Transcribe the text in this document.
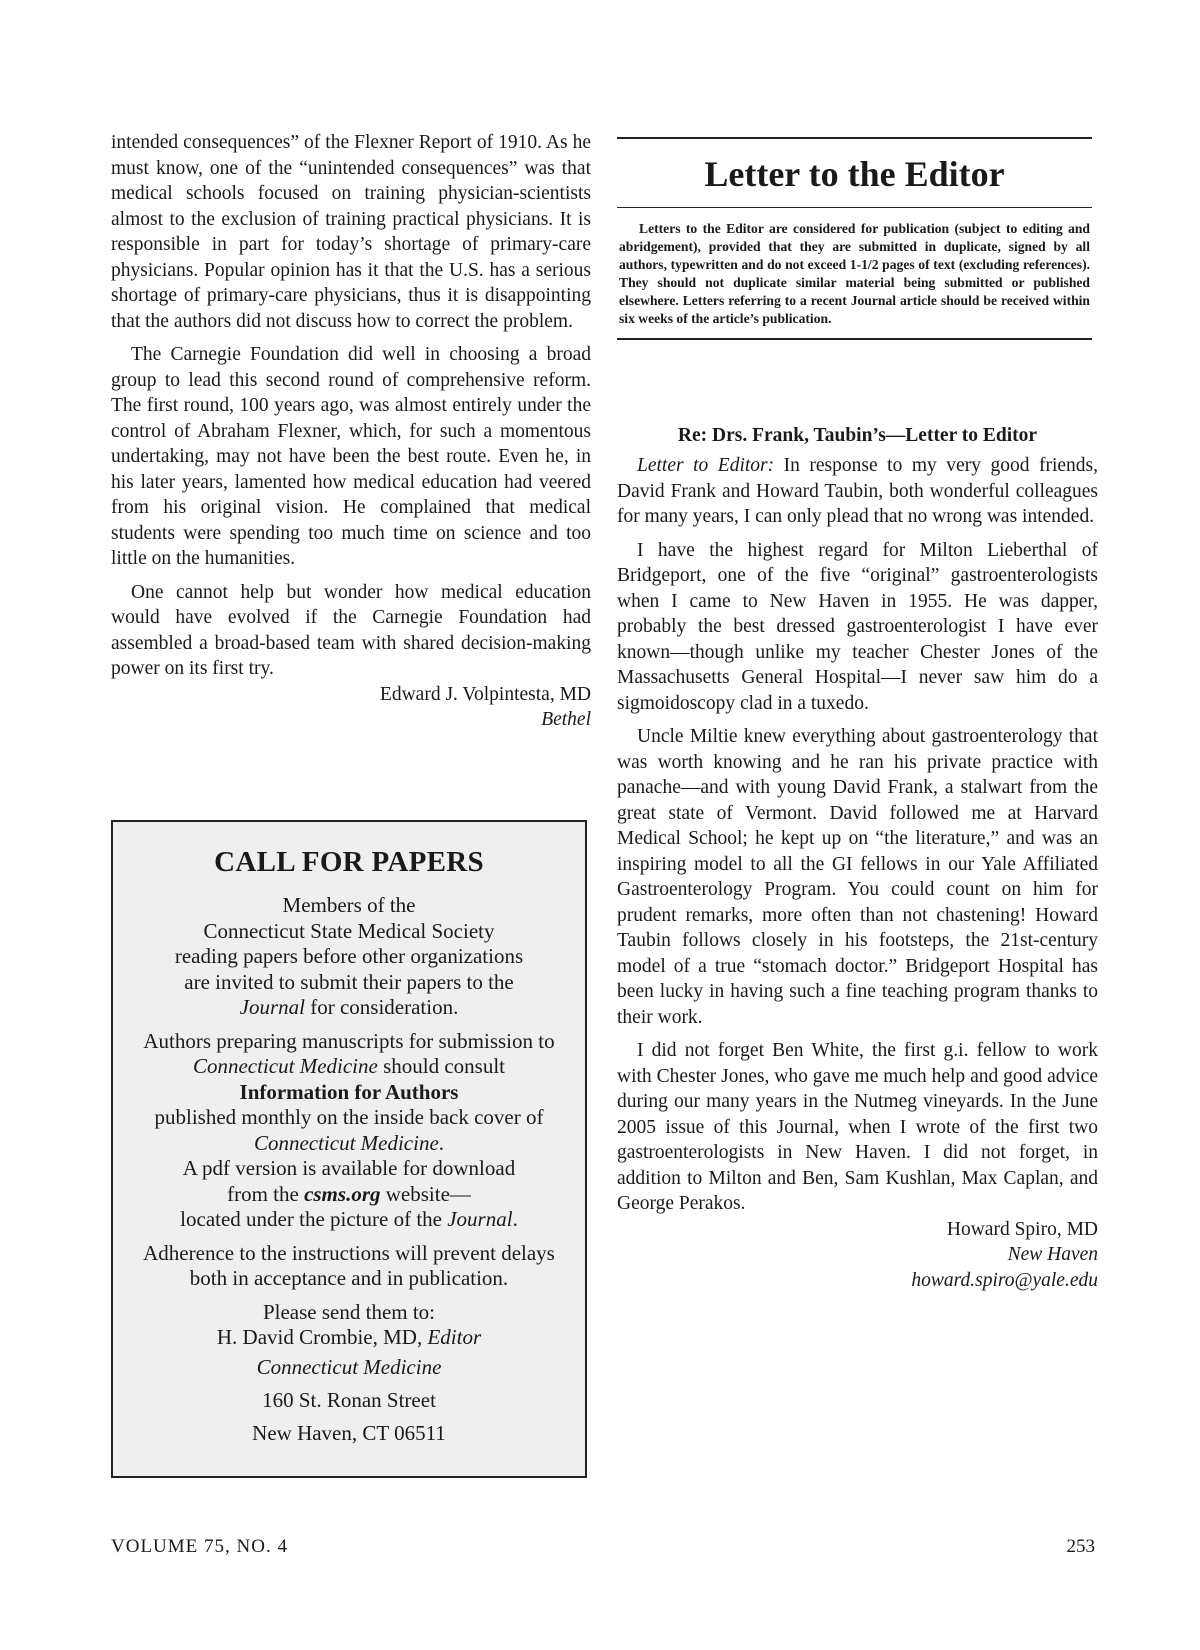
intended consequences” of the Flexner Report of 1910. As he must know, one of the “unintended consequences” was that medical schools focused on training physician-scientists almost to the exclusion of training practical physicians. It is responsible in part for today’s shortage of primary-care physicians. Popular opinion has it that the U.S. has a serious shortage of primary-care physicians, thus it is disappointing that the authors did not discuss how to correct the problem.

The Carnegie Foundation did well in choosing a broad group to lead this second round of comprehensive reform. The first round, 100 years ago, was almost entirely under the control of Abraham Flexner, which, for such a momentous undertaking, may not have been the best route. Even he, in his later years, lamented how medical education had veered from his original vision. He complained that medical students were spending too much time on science and too little on the humanities.

One cannot help but wonder how medical education would have evolved if the Carnegie Foundation had assembled a broad-based team with shared decision-making power on its first try.

Edward J. Volpintesta, MD
Bethel
CALL FOR PAPERS

Members of the
Connecticut State Medical Society
reading papers before other organizations
are invited to submit their papers to the
Journal for consideration.

Authors preparing manuscripts for submission to
Connecticut Medicine should consult
Information for Authors
published monthly on the inside back cover of
Connecticut Medicine.
A pdf version is available for download
from the csms.org website—
located under the picture of the Journal.

Adherence to the instructions will prevent delays
both in acceptance and in publication.

Please send them to:
H. David Crombie, MD, Editor

Connecticut Medicine
160 St. Ronan Street
New Haven, CT 06511

Letter to the Editor
Letters to the Editor are considered for publication (subject to editing and abridgement), provided that they are submitted in duplicate, signed by all authors, typewritten and do not exceed 1-1/2 pages of text (excluding references). They should not duplicate similar material being submitted or published elsewhere. Letters referring to a recent Journal article should be received within six weeks of the article’s publication.
Re: Drs. Frank, Taubin’s—Letter to Editor

Letter to Editor: In response to my very good friends, David Frank and Howard Taubin, both wonderful colleagues for many years, I can only plead that no wrong was intended.

I have the highest regard for Milton Lieberthal of Bridgeport, one of the five “original” gastroenterologists when I came to New Haven in 1955. He was dapper, probably the best dressed gastroenterologist I have ever known—though unlike my teacher Chester Jones of the Massachusetts General Hospital—I never saw him do a sigmoidoscopy clad in a tuxedo.

Uncle Miltie knew everything about gastroenterology that was worth knowing and he ran his private practice with panache—and with young David Frank, a stalwart from the great state of Vermont. David followed me at Harvard Medical School; he kept up on “the literature,” and was an inspiring model to all the GI fellows in our Yale Affiliated Gastroenterology Program. You could count on him for prudent remarks, more often than not chastening! Howard Taubin follows closely in his footsteps, the 21st-century model of a true “stomach doctor.” Bridgeport Hospital has been lucky in having such a fine teaching program thanks to their work.

I did not forget Ben White, the first g.i. fellow to work with Chester Jones, who gave me much help and good advice during our many years in the Nutmeg vineyards. In the June 2005 issue of this Journal, when I wrote of the first two gastroenterologists in New Haven. I did not forget, in addition to Milton and Ben, Sam Kushlan, Max Caplan, and George Perakos.

Howard Spiro, MD
New Haven
howard.spiro@yale.edu
VOLUME 75, NO. 4	253
